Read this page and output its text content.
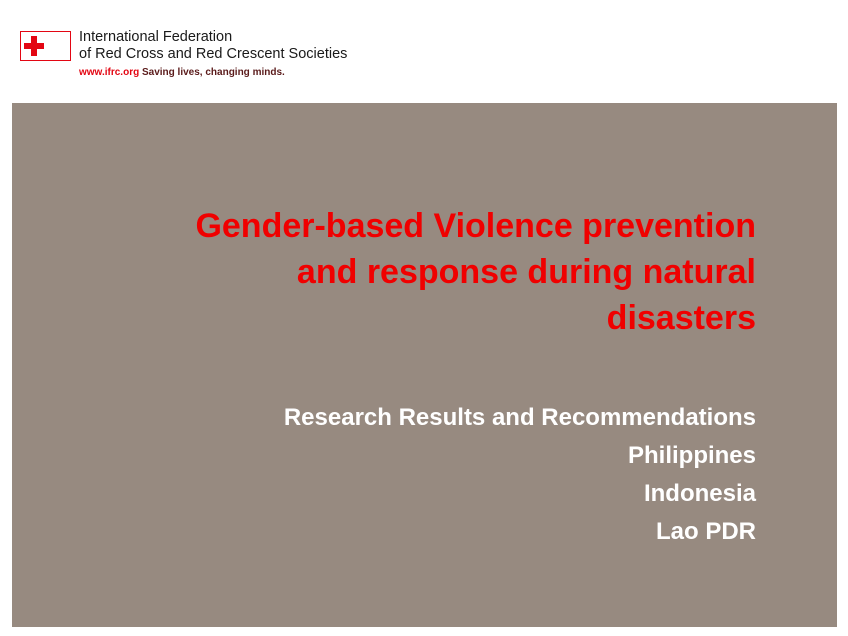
International Federation
of Red Cross and Red Crescent Societies
www.ifrc.org Saving lives, changing minds.
Gender-based Violence prevention
and response during natural
disasters
Research Results and Recommendations
Philippines
Indonesia
Lao PDR
